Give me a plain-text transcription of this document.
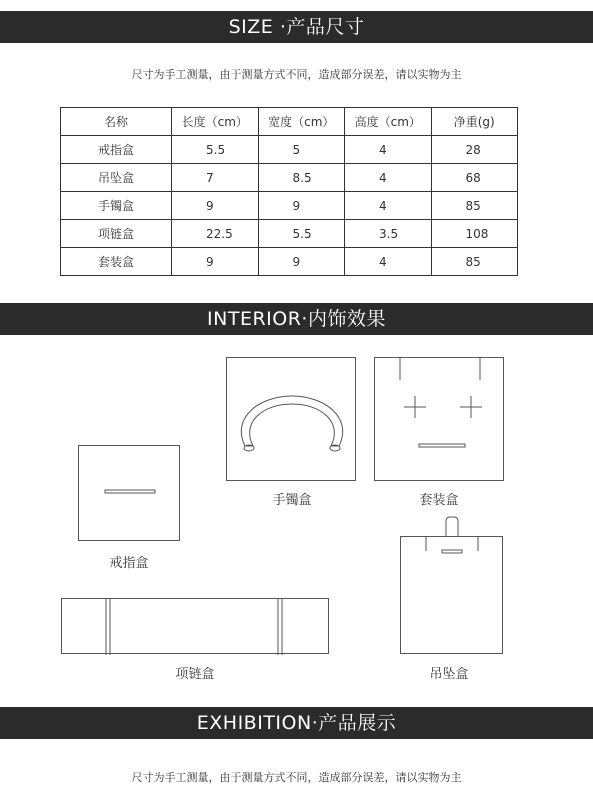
SIZE ·产品尺寸
尺寸为手工测量，由于测量方式不同，造成部分误差，请以实物为主
名称	长度（cm）	宽度（cm）	高度（cm）	净重(g)
戒指盒	5.5	5	4	28
吊坠盒	7	8.5	4	68
手镯盒	9	9	4	85
项链盒	22.5	5.5	3.5	108
套装盒	9	9	4	85
INTERIOR·内饰效果
手镯盒	套装盒
戒指盒
项链盒	吊坠盒
EXHIBITION·产品展示
尺寸为手工测量，由于测量方式不同，造成部分误差，请以实物为主
